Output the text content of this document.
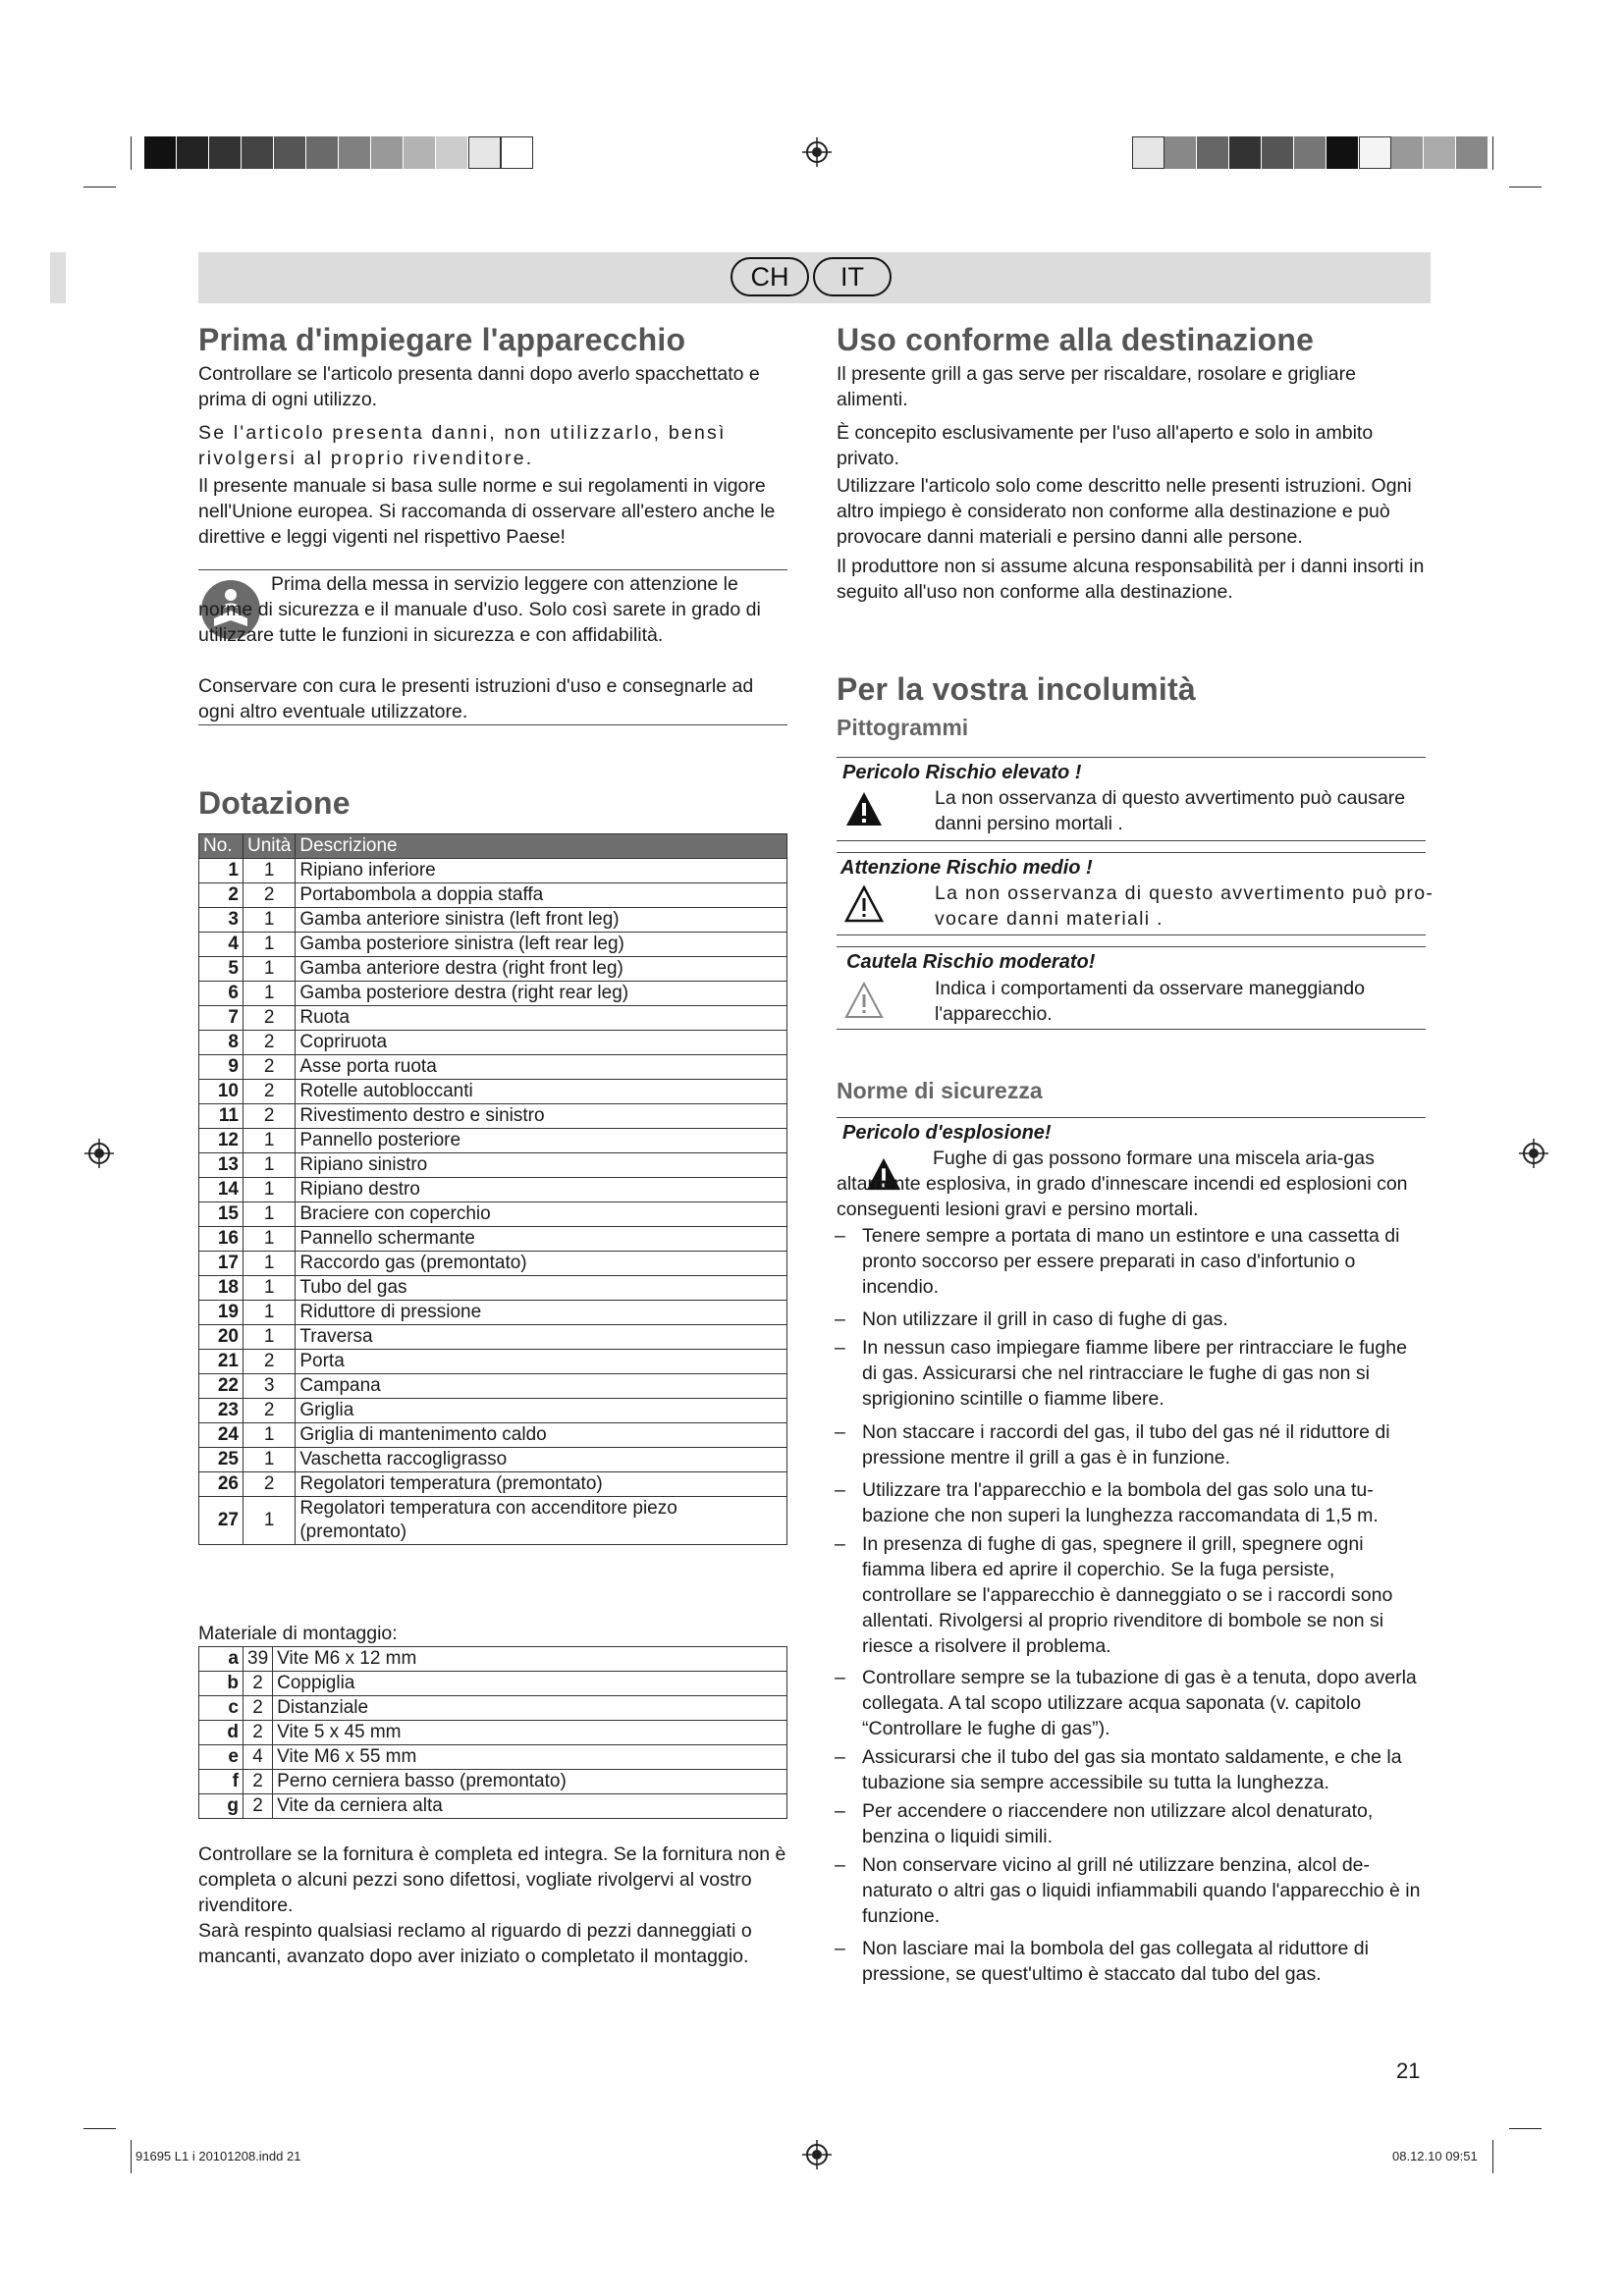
CH	IT
Prima d'impiegare l'apparecchio

Controllare se l'articolo presenta danni dopo averlo spacchettato e prima di ogni utilizzo.

Se l'articolo presenta danni, non utilizzarlo, bensì rivolgersi al proprio rivenditore.

Il presente manuale si basa sulle norme e sui regolamenti in vigore nell'Unione europea. Si raccomanda di osservare all'estero anche le direttive e leggi vigenti nel rispettivo Paese!

Prima della messa in servizio leggere con attenzione le norme di sicurezza e il manuale d'uso. Solo così sarete in grado di utilizzare tutte le funzioni in sicurezza e con affidabilità.

Conservare con cura le presenti istruzioni d'uso e consegnarle ad ogni altro eventuale utilizzatore.

Dotazione
No.	Unità	Descrizione
1	1	Ripiano inferiore
2	2	Portabombola a doppia staffa
3	1	Gamba anteriore sinistra (left front leg)
4	1	Gamba posteriore sinistra (left rear leg)
5	1	Gamba anteriore destra (right front leg)
6	1	Gamba posteriore destra (right rear leg)
7	2	Ruota
8	2	Copriruota
9	2	Asse porta ruota
10	2	Rotelle autobloccanti
11	2	Rivestimento destro e sinistro
12	1	Pannello posteriore
13	1	Ripiano sinistro
14	1	Ripiano destro
15	1	Braciere con coperchio
16	1	Pannello schermante
17	1	Raccordo gas (premontato)
18	1	Tubo del gas
19	1	Riduttore di pressione
20	1	Traversa
21	2	Porta
22	3	Campana
23	2	Griglia
24	1	Griglia di mantenimento caldo
25	1	Vaschetta raccogligrasso
26	2	Regolatori temperatura (premontato)
27	1	Regolatori temperatura con accenditore piezo (premontato)

Materiale di montaggio:

a	39	Vite M6 x 12 mm
b	2	Coppiglia
c	2	Distanziale
d	2	Vite 5 x 45 mm
e	4	Vite M6 x 55 mm
f	2	Perno cerniera basso (premontato)
g	2	Vite da cerniera alta

Controllare se la fornitura è completa ed integra. Se la fornitura non è completa o alcuni pezzi sono difettosi, vogliate rivolgervi al vostro rivenditore.

Sarà respinto qualsiasi reclamo al riguardo di pezzi danneggiati o mancanti, avanzato dopo aver iniziato o completato il montaggio.

Uso conforme alla destinazione

Il presente grill a gas serve per riscaldare, rosolare e grigliare alimenti.

È concepito esclusivamente per l'uso all'aperto e solo in ambito privato.

Utilizzare l'articolo solo come descritto nelle presenti istruzioni. Ogni altro impiego è considerato non conforme alla destinazione e può provocare danni materiali e persino danni alle persone.

Il produttore non si assume alcuna responsabilità per i danni insorti in seguito all'uso non conforme alla destinazione.

Per la vostra incolumità
Pittogrammi
Pericolo Rischio elevato !
La non osservanza di questo avvertimento può causare danni persino mortali .
Attenzione Rischio medio !
La non osservanza di questo avvertimento può provocare danni materiali .
Cautela Rischio moderato!
Indica i comportamenti da osservare maneggiando l'apparecchio.
Norme di sicurezza
Pericolo d'esplosione!

Fughe di gas possono formare una miscela aria-gas altamente esplosiva, in grado d'innescare incendi ed esplosioni con conseguenti lesioni gravi e persino mortali.

– Tenere sempre a portata di mano un estintore e una cassetta di pronto soccorso per essere preparati in caso d'infortunio o incendio.
– Non utilizzare il grill in caso di fughe di gas.
– In nessun caso impiegare fiamme libere per rintracciare le fughe di gas. Assicurarsi che nel rintracciare le fughe di gas non si sprigionino scintille o fiamme libere.
– Non staccare i raccordi del gas, il tubo del gas né il riduttore di pressione mentre il grill a gas è in funzione.
– Utilizzare tra l'apparecchio e la bombola del gas solo una tubazione che non superi la lunghezza raccomandata di 1,5 m.
– In presenza di fughe di gas, spegnere il grill, spegnere ogni fiamma libera ed aprire il coperchio. Se la fuga persiste, controllare se l'apparecchio è danneggiato o se i raccordi sono allentati. Rivolgersi al proprio rivenditore di bombole se non si riesce a risolvere il problema.
– Controllare sempre se la tubazione di gas è a tenuta, dopo averla collegata. A tal scopo utilizzare acqua saponata (v. capitolo “Controllare le fughe di gas”).
– Assicurarsi che il tubo del gas sia montato saldamente, e che la tubazione sia sempre accessibile su tutta la lunghezza.
– Per accendere o riaccendere non utilizzare alcol denaturato, benzina o liquidi simili.
– Non conservare vicino al grill né utilizzare benzina, alcol denaturato o altri gas o liquidi infiammabili quando l'apparecchio è in funzione.
– Non lasciare mai la bombola del gas collegata al riduttore di pressione, se quest'ultimo è staccato dal tubo del gas.
21
91695 L1 i 20101208.indd 21	08.12.10 09:51
